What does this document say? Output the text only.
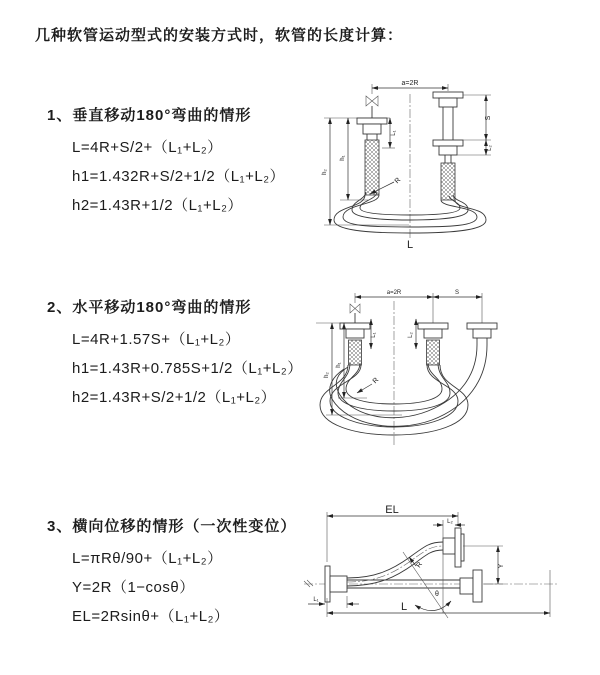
几种软管运动型式的安装方式时，软管的长度计算：
1、垂直移动180°弯曲的情形
L=4R+S/2+（L₁+L₂）
h1=1.432R+S/2+1/2（L₁+L₂）
h2=1.43R+1/2（L₁+L₂）
2、水平移动180°弯曲的情形
L=4R+1.57S+（L₁+L₂）
h1=1.43R+0.785S+1/2（L₁+L₂）
h2=1.43R+S/2+1/2（L₁+L₂）
3、横向位移的情形（一次性变位）
L=πRθ/90+（L₁+L₂）
Y=2R（1−cosθ）
EL=2Rsinθ+（L₁+L₂）
a=2R
L₁
S
L₂
h₁
h₂
R
L
a=2R	S
L₁	L₂
h₁
h₂
R
EL
L₂
Y
θ
R
L₁
L
